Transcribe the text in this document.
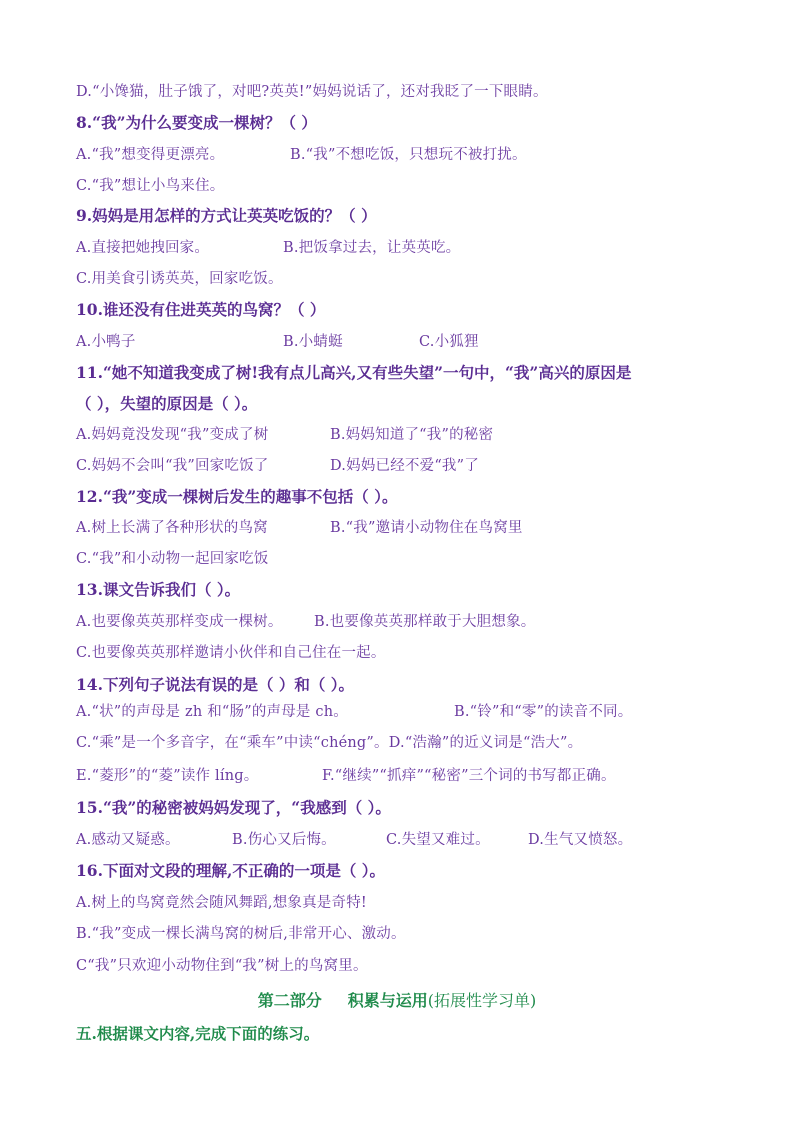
D.“小馋猫，肚子饿了，对吧?英英!”妈妈说话了，还对我眨了一下眼睛。
8.“我”为什么要变成一棵树？（ ）
A.“我”想变得更漂亮。	B.“我”不想吃饭，只想玩不被打扰。
C.“我”想让小鸟来住。
9.妈妈是用怎样的方式让英英吃饭的？（ ）
A.直接把她拽回家。	B.把饭拿过去，让英英吃。
C.用美食引诱英英，回家吃饭。
10.谁还没有住进英英的鸟窝？（ ）
A.小鸭子	B.小蜻蜓	C.小狐狸
11.“她不知道我变成了树!我有点儿高兴,又有些失望”一句中，“我”高兴的原因是
（ ），失望的原因是（ ）。
A.妈妈竟没发现“我”变成了树	B.妈妈知道了“我”的秘密
C.妈妈不会叫“我”回家吃饭了	D.妈妈已经不爱“我”了
12.“我”变成一棵树后发生的趣事不包括（ ）。
A.树上长满了各种形状的鸟窝	B.“我”邀请小动物住在鸟窝里
C.“我”和小动物一起回家吃饭
13.课文告诉我们（ ）。
A.也要像英英那样变成一棵树。 B.也要像英英那样敢于大胆想象。
C.也要像英英那样邀请小伙伴和自己住在一起。
14.下列句子说法有误的是（ ）和（ ）。
A.“状”的声母是 zh 和“肠”的声母是 ch。	B.“铃”和“零”的读音不同。
C.“乘”是一个多音字，在“乘车”中读“chéng”。D.“浩瀚”的近义词是“浩大”。
E.“菱形”的“菱”读作 línɡ。	F.“继续”“抓痒”“秘密”三个词的书写都正确。
15.“我”的秘密被妈妈发现了，“我感到（ ）。
A.感动又疑惑。	B.伤心又后悔。	C.失望又难过。	D.生气又愤怒。
16.下面对文段的理解,不正确的一项是（ ）。
A.树上的鸟窝竟然会随风舞蹈,想象真是奇特!
B.“我”变成一棵长满鸟窝的树后,非常开心、激动。
C“我”只欢迎小动物住到“我”树上的鸟窝里。
第二部分 积累与运用(拓展性学习单)
五.根据课文内容,完成下面的练习。
